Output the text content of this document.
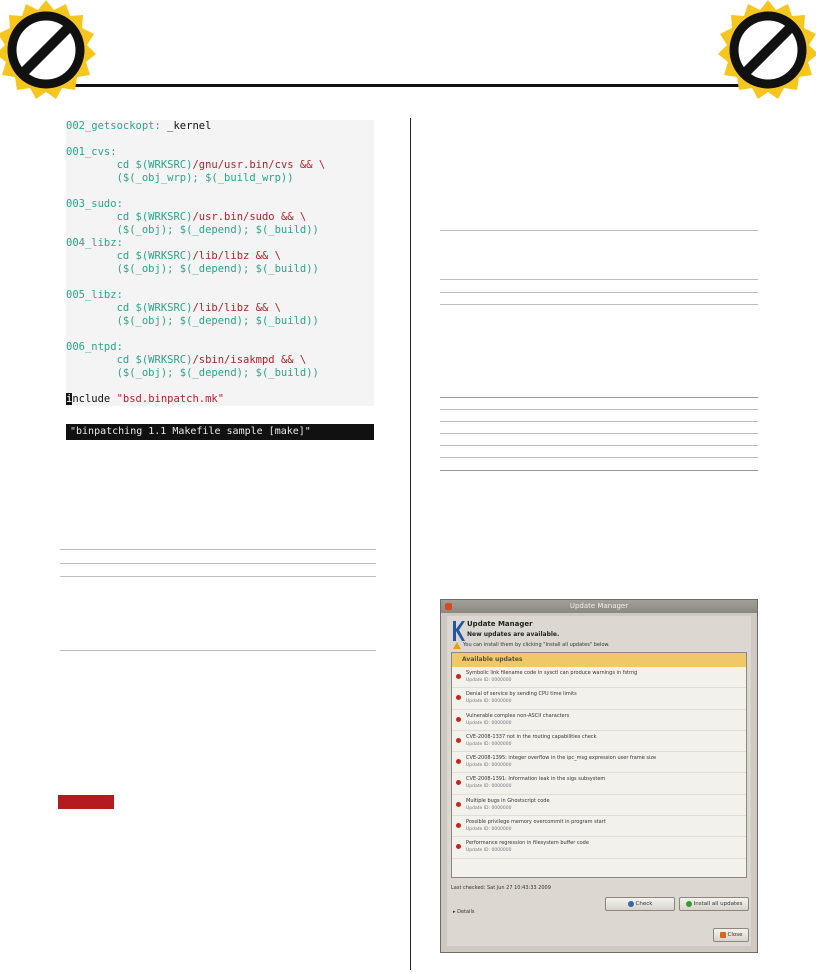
002_getsockopt: _kernel
001_cvs:
cd $(WRKSRC)/gnu/usr.bin/cvs && \
($(_obj_wrp); $(_build_wrp))
003_sudo:
cd $(WRKSRC)/usr.bin/sudo && \
($(_obj); $(_depend); $(_build))
004_libz:
cd $(WRKSRC)/lib/libz && \
($(_obj); $(_depend); $(_build))
005_libz:
cd $(WRKSRC)/lib/libz && \
($(_obj); $(_depend); $(_build))
006_ntpd:
cd $(WRKSRC)/sbin/isakmpd && \
($(_obj); $(_depend); $(_build))
include "bsd.binpatch.mk"
"binpatching 1.1 Makefile sample [make]"
Update Manager
Update Manager
New updates are available.
You can install them by clicking "Install all updates" below.
Available updates
Symbolic link filename code in sysctl can produce warnings in fstrng
Update ID: 0000000
Denial of service by sending CPU time limits
Update ID: 0000000
Vulnerable complex non-ASCII characters
Update ID: 0000000
CVE-2008-1337 not in the routing capabilities check
Update ID: 0000000
CVE-2008-1395: integer overflow in the ipc_msg expression user frame size
Update ID: 0000000
CVE-2008-1391: Information leak in the sigs subsystem
Update ID: 0000000
Multiple bugs in Ghostscript code
Update ID: 0000000
Possible privilege memory overcommit in program start
Update ID: 0000000
Performance regression in filesystem buffer code
Update ID: 0000000
Last checked: Sat Jun 27 10:43:33 2009
Check	Install all updates
▸ Details
Close
